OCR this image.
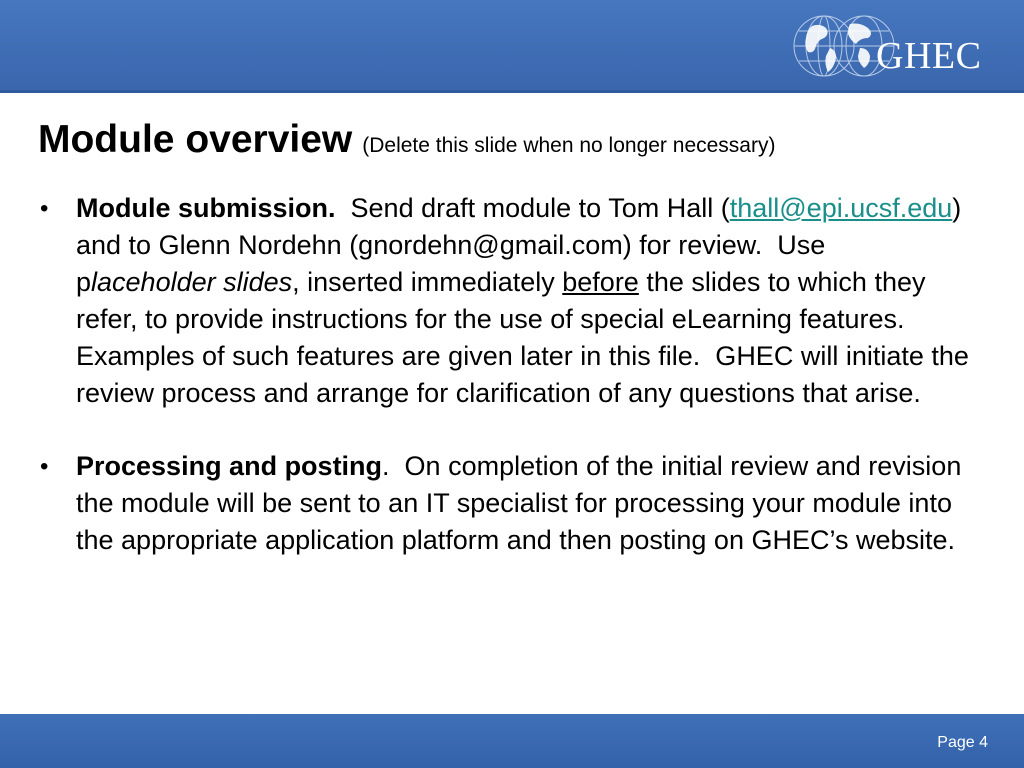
GHEC
Module overview (Delete this slide when no longer necessary)
• Module submission.  Send draft module to Tom Hall (thall@epi.ucsf.edu) and to Glenn Nordehn (gnordehn@gmail.com) for review.  Use placeholder slides, inserted immediately before the slides to which they refer, to provide instructions for the use of special eLearning features.  Examples of such features are given later in this file.  GHEC will initiate the review process and arrange for clarification of any questions that arise.
• Processing and posting.  On completion of the initial review and revision the module will be sent to an IT specialist for processing your module into the appropriate application platform and then posting on GHEC’s website.
Page 4
